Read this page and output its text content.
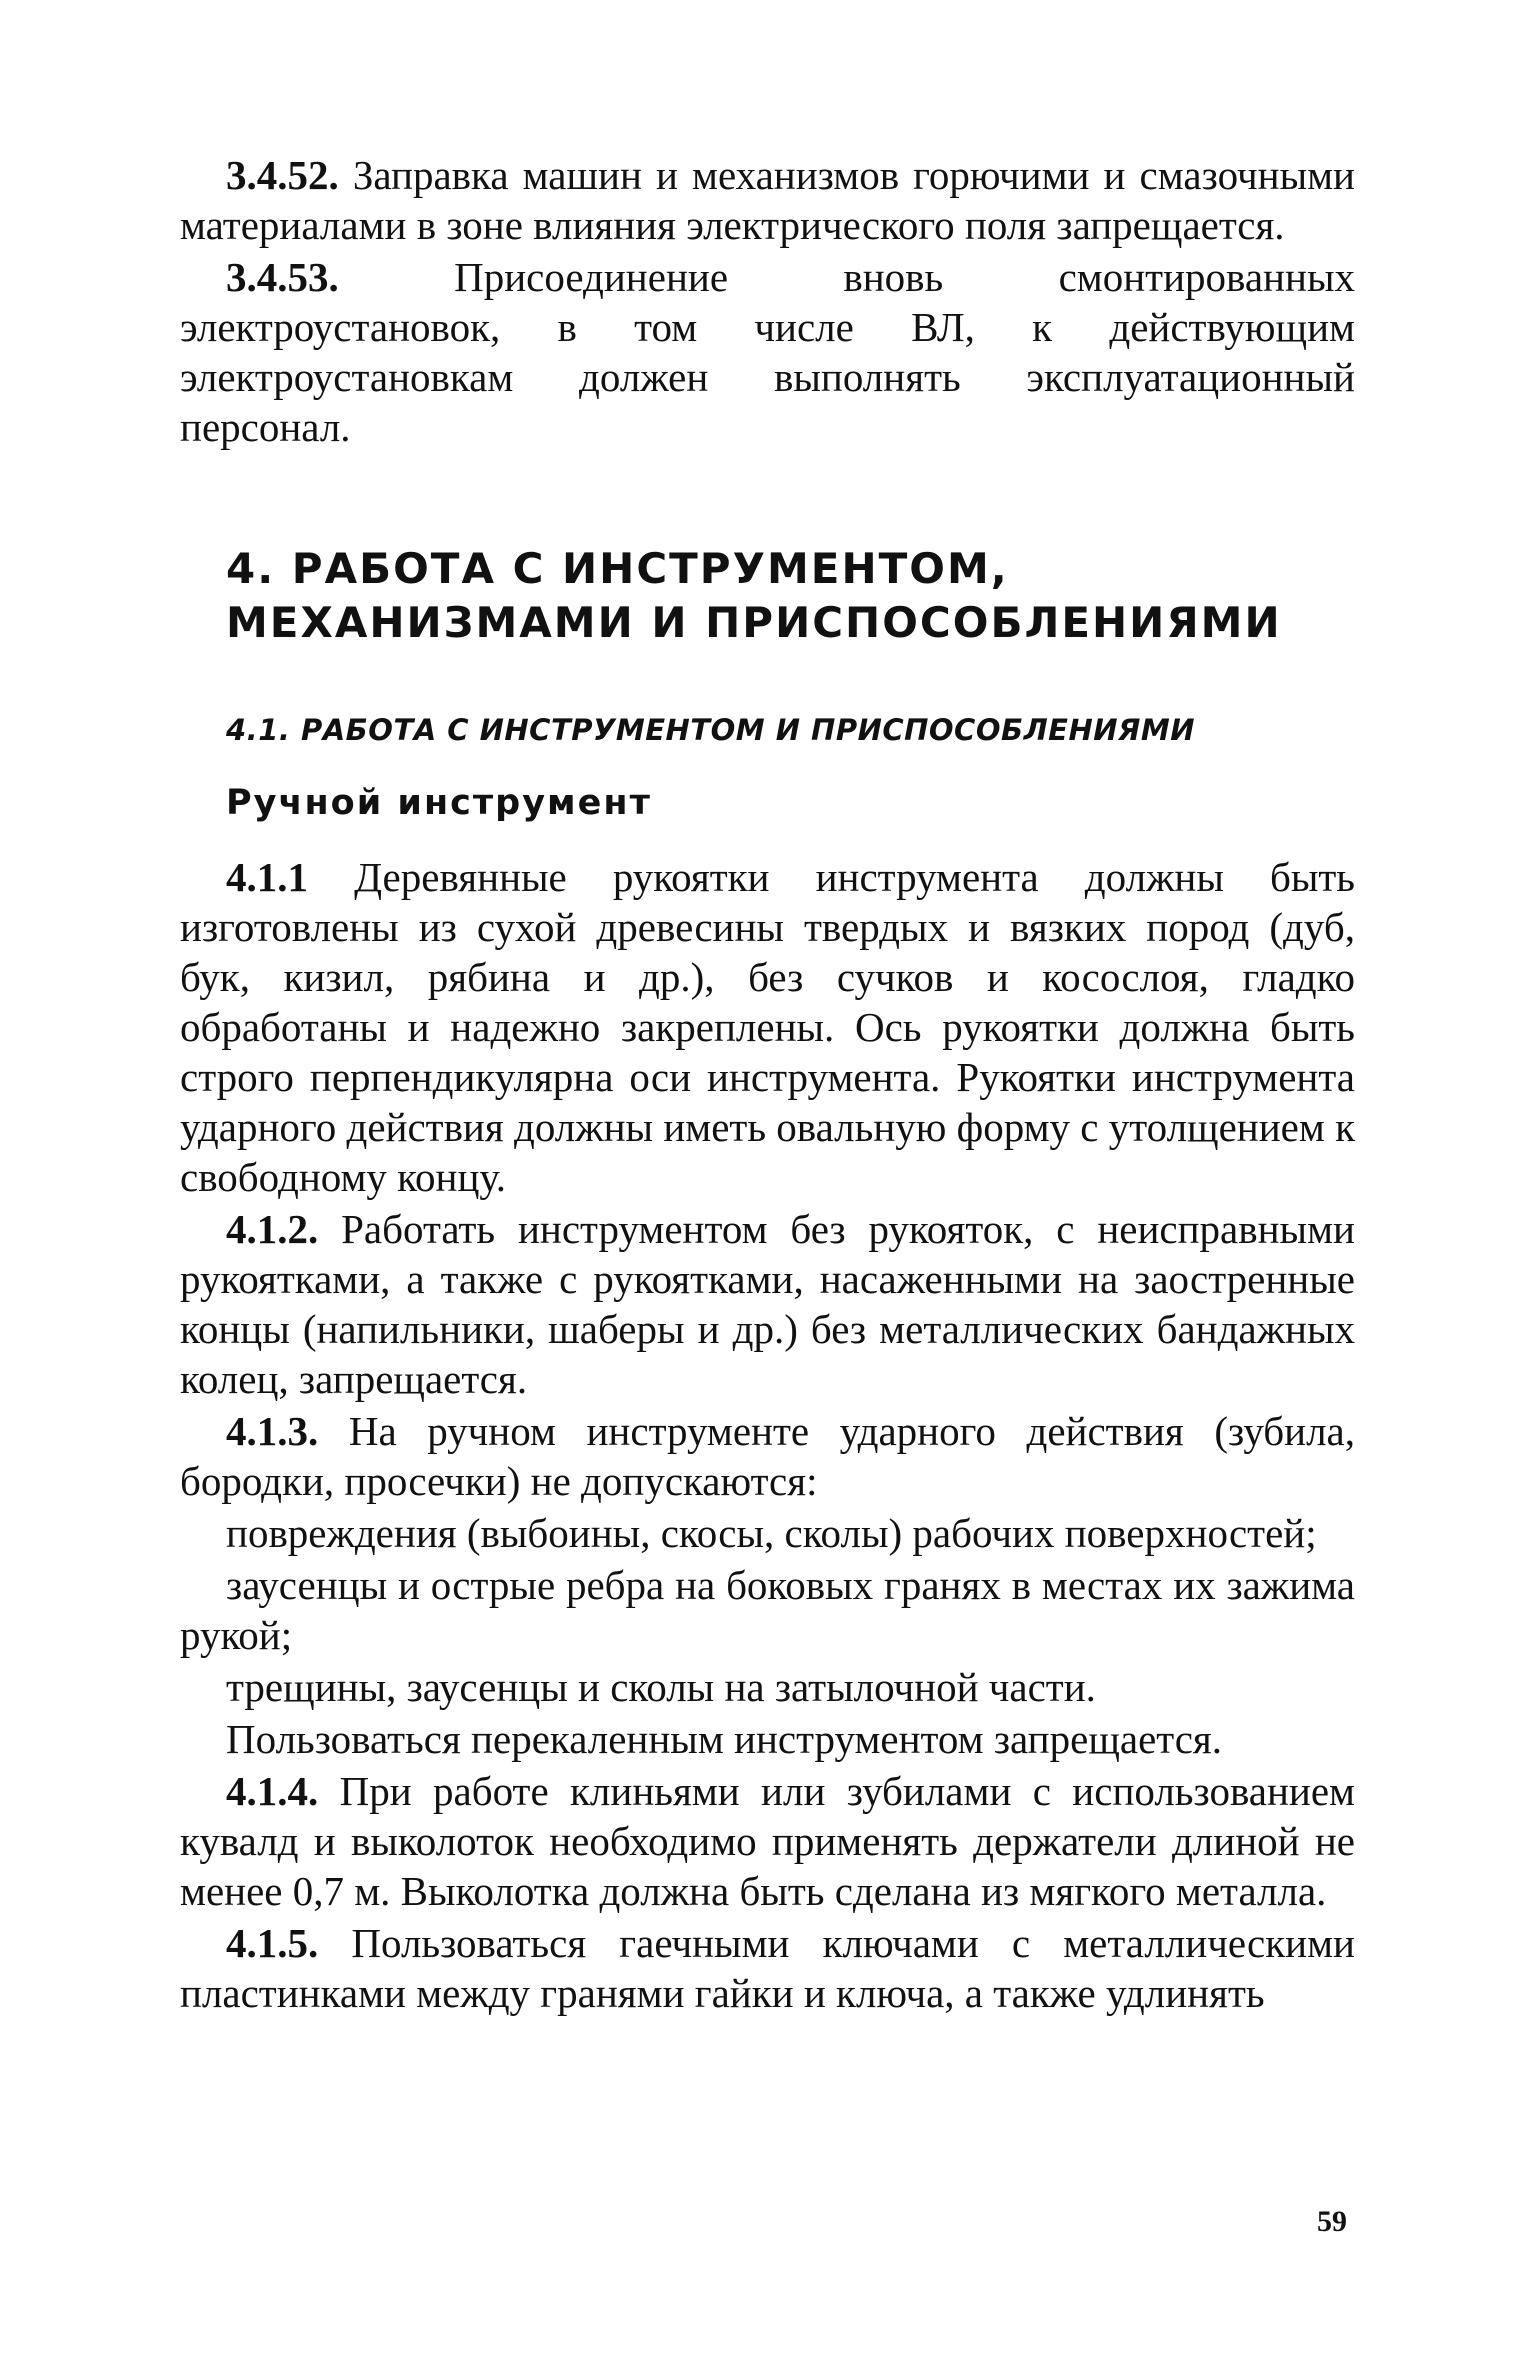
3.4.52. Заправка машин и механизмов горючими и смазочными материалами в зоне влияния электрического поля запрещается.

3.4.53. Присоединение вновь смонтированных электроустановок, в том числе ВЛ, к действующим электроустановкам должен выполнять эксплуатационный персонал.

4. РАБОТА С ИНСТРУМЕНТОМ, МЕХАНИЗМАМИ И ПРИСПОСОБЛЕНИЯМИ
4.1. РАБОТА С ИНСТРУМЕНТОМ И ПРИСПОСОБЛЕНИЯМИ
Ручной инструмент

4.1.1 Деревянные рукоятки инструмента должны быть изготовлены из сухой древесины твердых и вязких пород (дуб, бук, кизил, рябина и др.), без сучков и косослоя, гладко обработаны и надежно закреплены. Ось рукоятки должна быть строго перпендикулярна оси инструмента. Рукоятки инструмента ударного действия должны иметь овальную форму с утолщением к свободному концу.

4.1.2. Работать инструментом без рукояток, с неисправными рукоятками, а также с рукоятками, насаженными на заостренные концы (напильники, шаберы и др.) без металлических бандажных колец, запрещается.

4.1.3. На ручном инструменте ударного действия (зубила, бородки, просечки) не допускаются:

повреждения (выбоины, скосы, сколы) рабочих поверхностей;

заусенцы и острые ребра на боковых гранях в местах их зажима рукой;

трещины, заусенцы и сколы на затылочной части.

Пользоваться перекаленным инструментом запрещается.

4.1.4. При работе клиньями или зубилами с использованием кувалд и выколоток необходимо применять держатели длиной не менее 0,7 м. Выколотка должна быть сделана из мягкого металла.

4.1.5. Пользоваться гаечными ключами с металлическими пластинками между гранями гайки и ключа, а также удлинять

59
